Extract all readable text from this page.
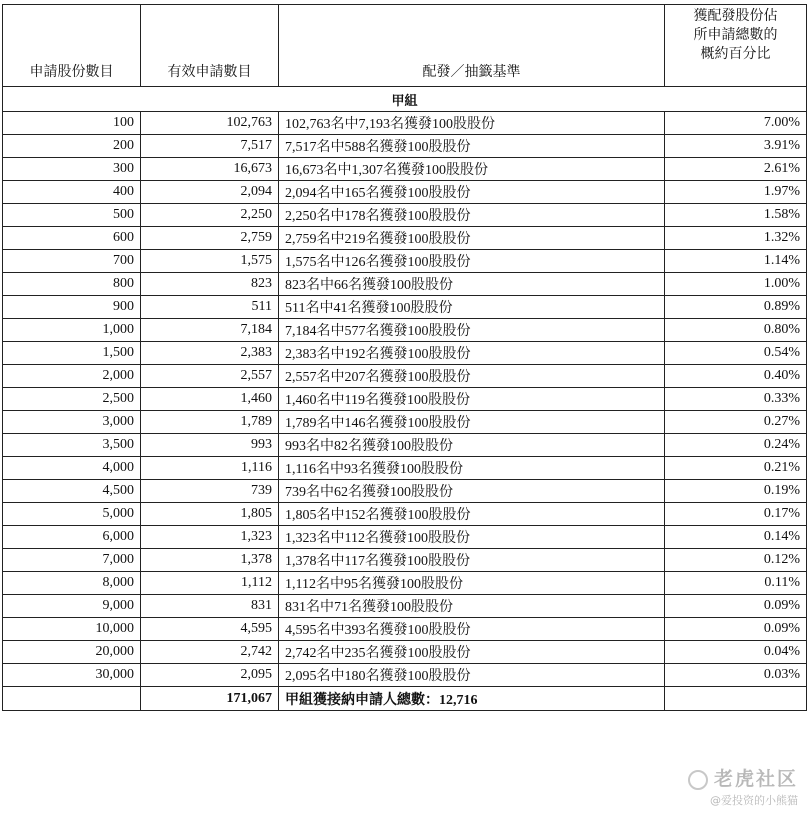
申請股份數目	有效申請數目	配發／抽籤基準	獲配發股份佔
所申請總數的
概約百分比

甲組			
100	102,763	102,763名中7,193名獲發100股股份	7.00%
200	7,517	7,517名中588名獲發100股股份	3.91%
300	16,673	16,673名中1,307名獲發100股股份	2.61%
400	2,094	2,094名中165名獲發100股股份	1.97%
500	2,250	2,250名中178名獲發100股股份	1.58%
600	2,759	2,759名中219名獲發100股股份	1.32%
700	1,575	1,575名中126名獲發100股股份	1.14%
800	823	823名中66名獲發100股股份	1.00%
900	511	511名中41名獲發100股股份	0.89%
1,000	7,184	7,184名中577名獲發100股股份	0.80%
1,500	2,383	2,383名中192名獲發100股股份	0.54%
2,000	2,557	2,557名中207名獲發100股股份	0.40%
2,500	1,460	1,460名中119名獲發100股股份	0.33%
3,000	1,789	1,789名中146名獲發100股股份	0.27%
3,500	993	993名中82名獲發100股股份	0.24%
4,000	1,116	1,116名中93名獲發100股股份	0.21%
4,500	739	739名中62名獲發100股股份	0.19%
5,000	1,805	1,805名中152名獲發100股股份	0.17%
6,000	1,323	1,323名中112名獲發100股股份	0.14%
7,000	1,378	1,378名中117名獲發100股股份	0.12%
8,000	1,112	1,112名中95名獲發100股股份	0.11%
9,000	831	831名中71名獲發100股股份	0.09%
10,000	4,595	4,595名中393名獲發100股股份	0.09%
20,000	2,742	2,742名中235名獲發100股股份	0.04%
30,000	2,095	2,095名中180名獲發100股股份	0.03%
	171,067	甲組獲接納申請人總數：12,716	
老虎社区
@爱投资的小熊猫
